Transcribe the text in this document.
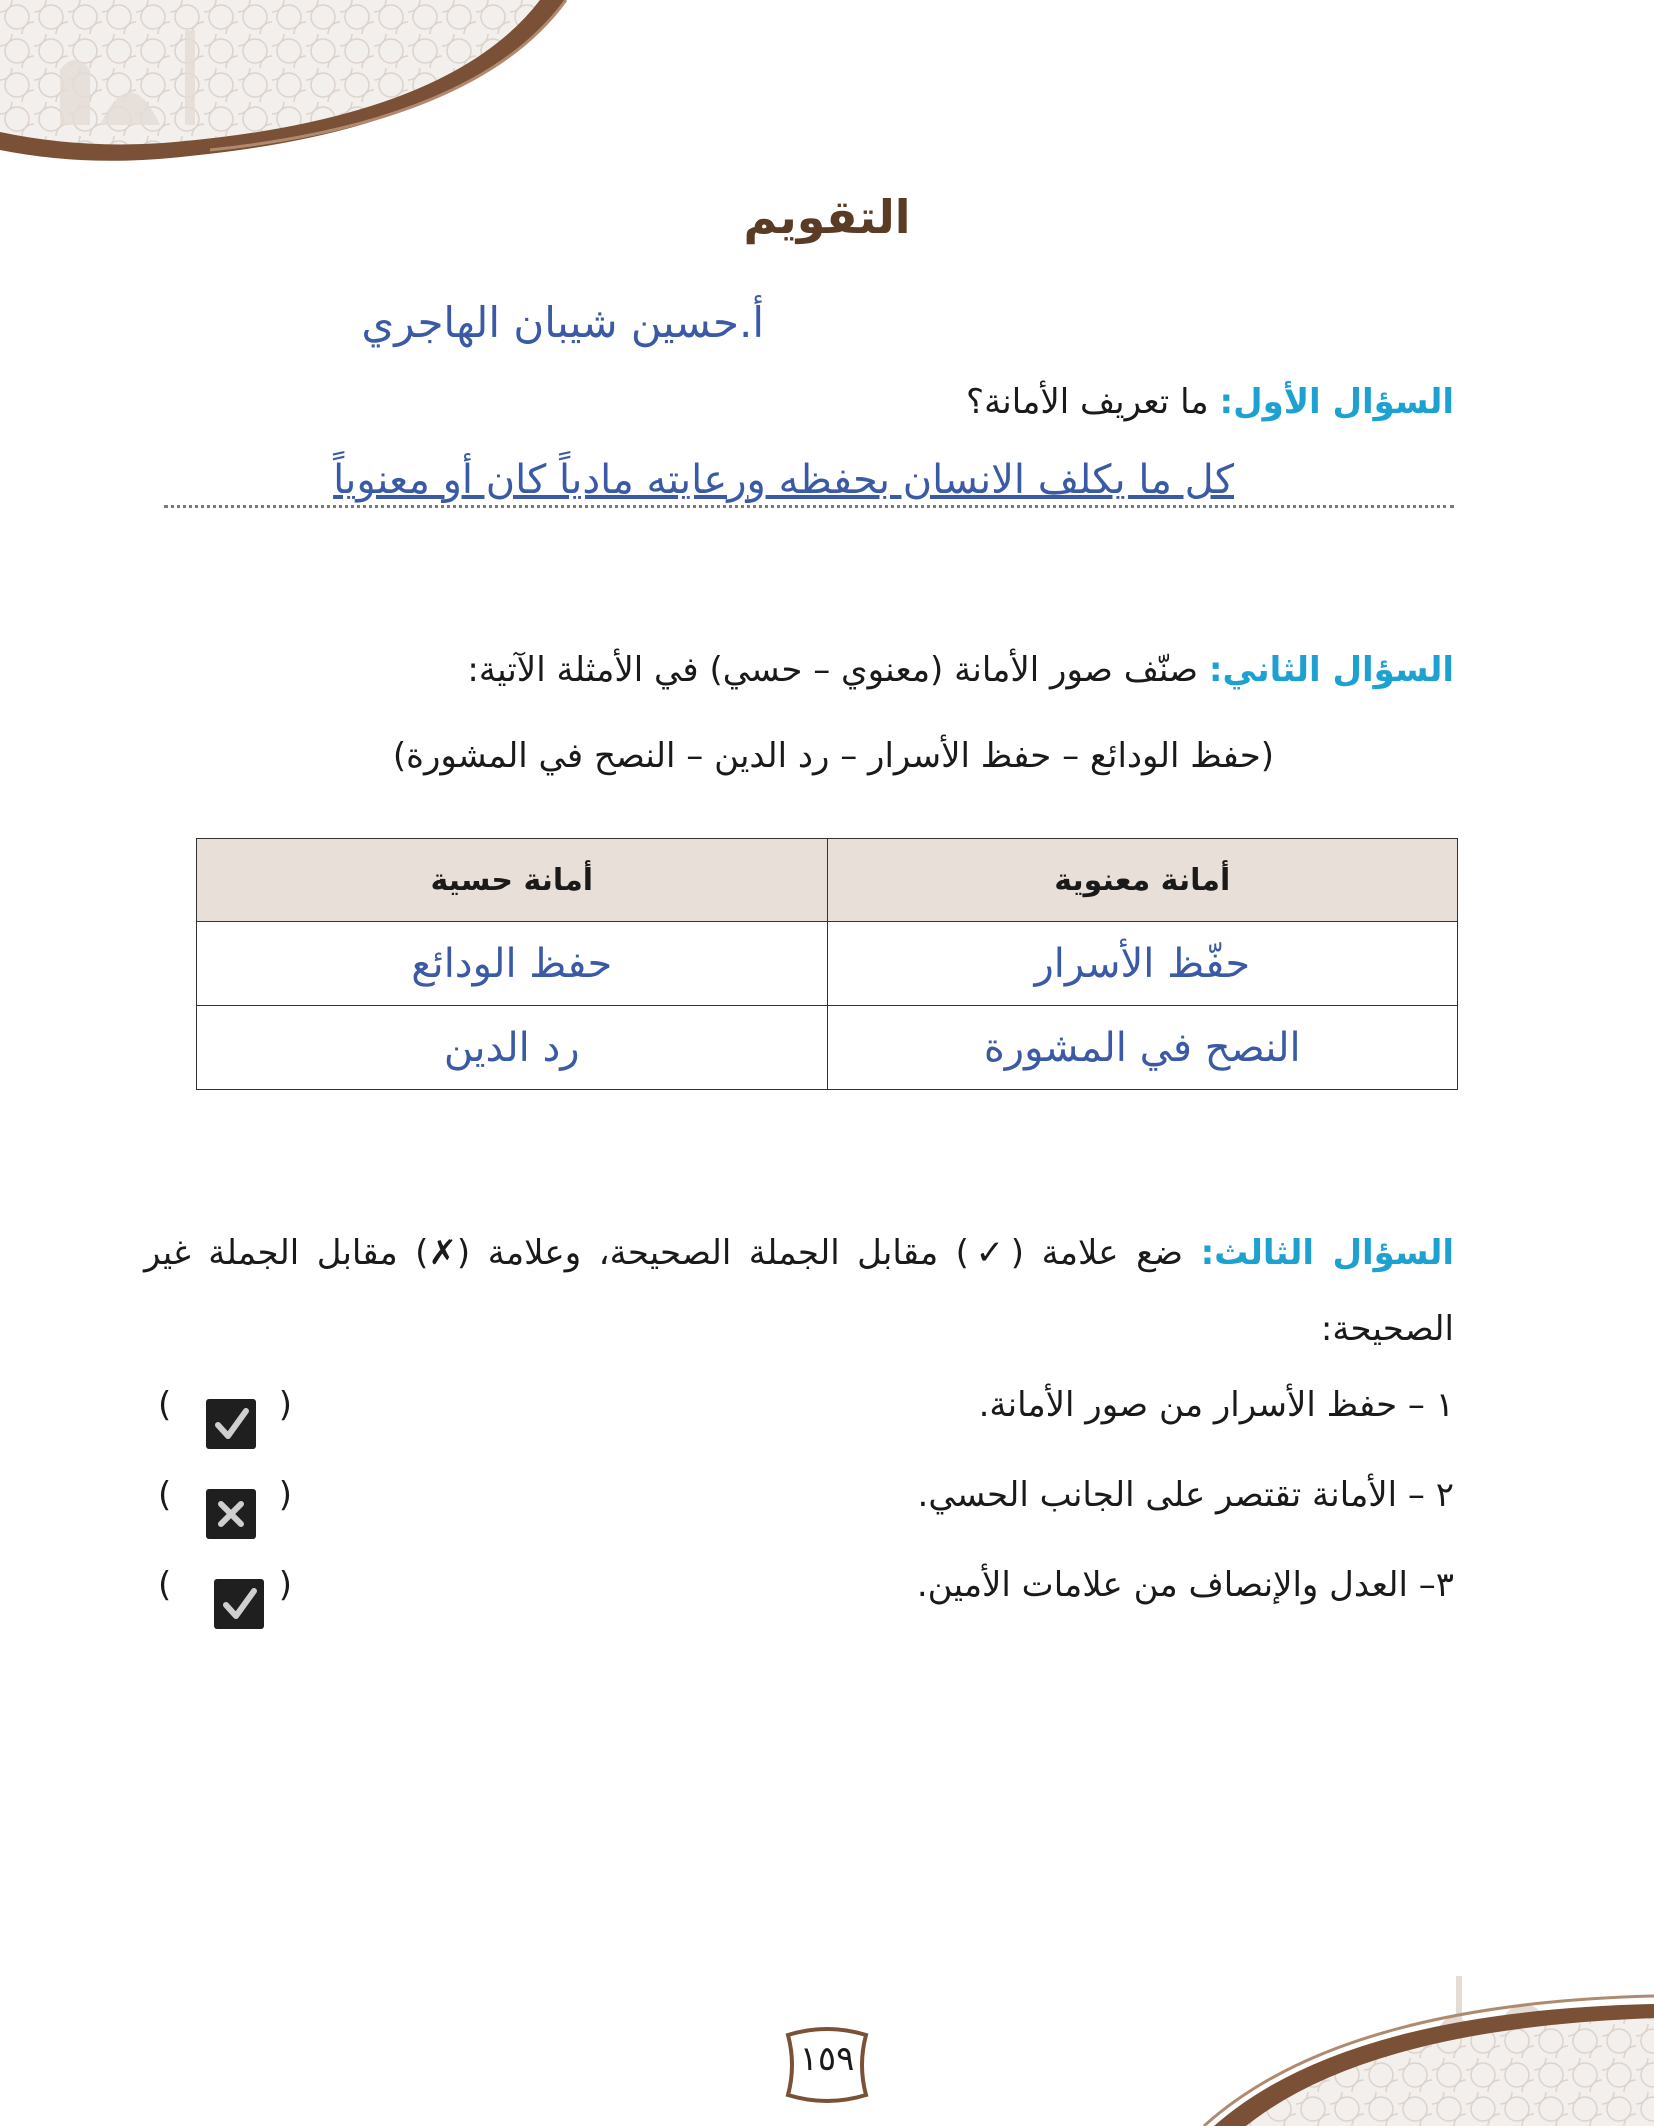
التقويم
أ.حسين شيبان الهاجري
السؤال الأول: ما تعريف الأمانة؟
كل ما يكلف الانسان بحفظه ورعايته مادياً كان أو معنوياً
السؤال الثاني: صنّف صور الأمانة (معنوي – حسي) في الأمثلة الآتية:
(حفظ الودائع – حفظ الأسرار – رد الدين – النصح في المشورة)
أمانة معنوية	أمانة حسية
حفّظ الأسرار	حفظ الودائع
النصح في المشورة	رد الدين
السؤال الثالث: ضع علامة (✓) مقابل الجملة الصحيحة، وعلامة (✗) مقابل الجملة غير الصحيحة:
١ – حفظ الأسرار من صور الأمانة.
٢ – الأمانة تقتصر على الجانب الحسي.
٣– العدل والإنصاف من علامات الأمين.
(
)
(
)
(
)
١٥٩
